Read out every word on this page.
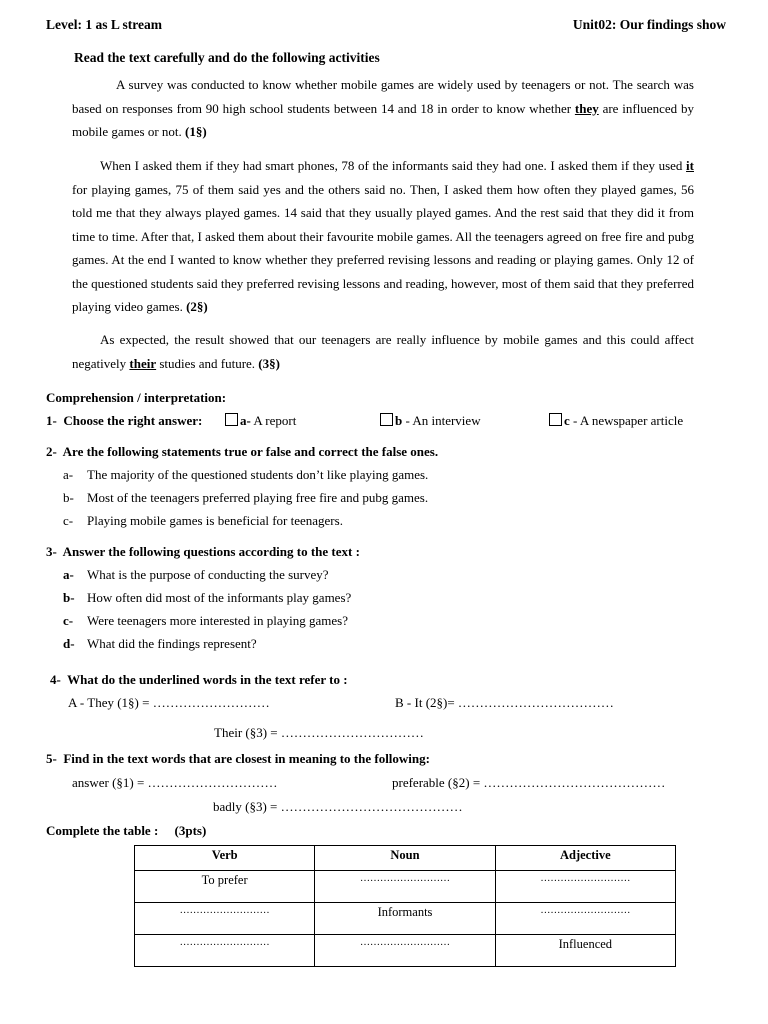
Level: 1 as L stream	Unit02: Our findings show
Read the text carefully and do the following activities

A survey was conducted to know whether mobile games are widely used by teenagers or not. The search was based on responses from 90 high school students between 14 and 18 in order to know whether they are influenced by mobile games or not. (1§)

When I asked them if they had smart phones, 78 of the informants said they had one. I asked them if they used it for playing games, 75 of them said yes and the others said no. Then, I asked them how often they played games, 56 told me that they always played games. 14 said that they usually played games. And the rest said that they did it from time to time. After that, I asked them about their favourite mobile games. All the teenagers agreed on free fire and pubg games. At the end I wanted to know whether they preferred revising lessons and reading or playing games. Only 12 of the questioned students said they preferred revising lessons and reading, however, most of them said that they preferred playing video games. (2§)

As expected, the result showed that our teenagers are really influence by mobile games and this could affect negatively their studies and future. (3§)

Comprehension / interpretation:
1- Choose the right answer:	a- A report	b - An interview	c - A newspaper article
2- Are the following statements true or false and correct the false ones.
a- The majority of the questioned students don’t like playing games.
b- Most of the teenagers preferred playing free fire and pubg games.
c- Playing mobile games is beneficial for teenagers.
3- Answer the following questions according to the text :
a- What is the purpose of conducting the survey?
b- How often did most of the informants play games?
c- Were teenagers more interested in playing games?
d- What did the findings represent?
4- What do the underlined words in the text refer to :
A - They (1§) = ………………………	B - It (2§)= ………………………………
Their (§3) = ……………………………
5- Find in the text words that are closest in meaning to the following:
answer (§1) = …………………………	preferable (§2) = ……………………………………
badly (§3) = ……………………………………
Complete the table : (3pts)
Verb	Noun	Adjective
To prefer	………………………	………………………
………………………	Informants	………………………
………………………	………………………	Influenced
